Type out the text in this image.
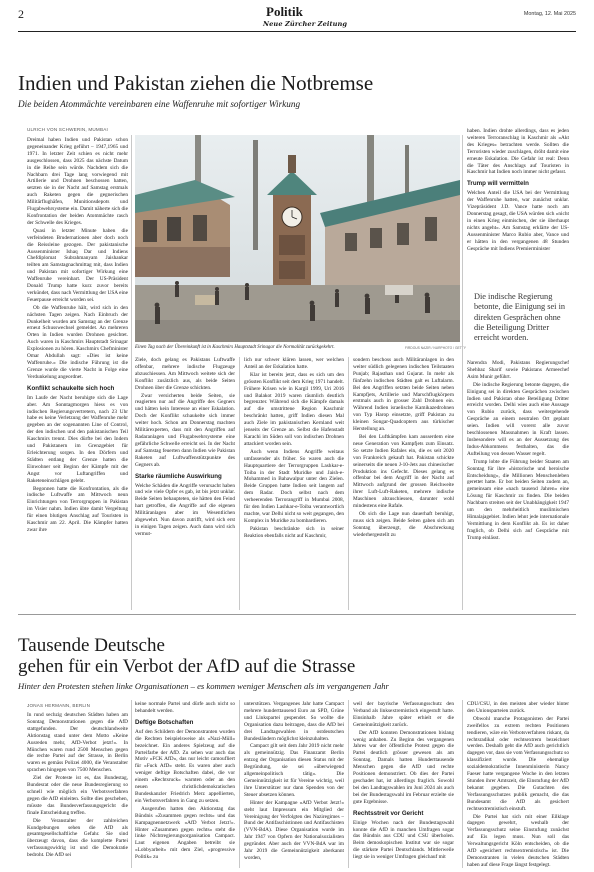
2	Politik
Neue Zürcher Zeitung
Montag, 12. Mai 2025
Indien und Pakistan ziehen die Notbremse
Die beiden Atommächte vereinbaren eine Waffenruhe mit sofortiger Wirkung
ULRICH VON SCHWERIN, MUMBAI

Dreimal haben Indien und Pakistan schon gegeneinander Krieg geführt – 1947,1965 und 1971. In letzter Zeit schien es nicht mehr ausgeschlossen, dass 2025 das nächste Datum in die Reihe sein würde. Nachdem sich die Nachbarn drei Tage lang vorwiegend mit Artillerie und Drohnen beschossen hatten, setzten sie in der Nacht auf Samstag erstmals auch Raketen gegen die gegnerischen Militärflughäfen, Munitionsdepots und Flugabwehrsysteme ein. Damit näherte sich die Konfrontation der beiden Atommächte rasch der Schwelle des Krieges.

Quasi in letzter Minute haben die verfeindeten Brudernationen aber doch noch die Reissleine gezogen. Der pakistanische Aussenminister Ishaq Dar und Indiens Chefdiplomat Subrahmanyam Jaishankar teilten am Samstagnachmittag mit, dass Indien und Pakistan mit sofortiger Wirkung eine Waffenruhe vereinbart. Der US-Präsident Donald Trump hatte kurz zuvor bereits verkündet, dass nach Vermittlung der USA eine Feuerpause erreicht worden sei.

Ob die Waffenruhe hält, wird sich in den nächsten Tagen zeigen. Nach Einbruch der Dunkelheit wurden am Samstag an der Grenze erneut Schusswechsel gemeldet. An mehreren Orten in Indien wurden Drohnen gesichtet. Auch waren in Kaschmirs Hauptstadt Srinagar Explosionen zu hören. Kaschmirs Chefminister Omar Abdullah sagt: «Dies ist keine Waffenruhe.» Die indische Führung ist die Grenze wurde die vierte Nacht in Folge eine Verdunkelung angeordnet.

Konflikt schaukelte sich hoch

Im Laufe der Nacht beruhigte sich die Lage aber. Am Sonntagmorgen hiess es von indischen Regierungsvertretern, nach 23 Uhr habe es keine Verletzung der Waffenruhe mehr gegeben an der sogenannten Line of Control, der den indischen und den pakistanischen Teil Kaschmirs trennt. Dies dürfte bei den Indern und Pakistanern im Grenzgebiet für Erleichterung sorgen. In den Dörfern und Städten entlang der Grenze hatten die Einwohner seit Beginn der Kämpfe mit der Angst vor Luftangriffen und Raketeneinschlägen gelebt.

Begonnen hatte die Konfrontation, als die indische Luftwaffe am Mittwoch neun Einrichtungen von Terrorgruppen in Pakistan im Visier nahm. Indien übte damit Vergeltung für einen blutigen Anschlag auf Touristen in Kaschmir am 22. April. Die Kämpfer hatten zwar ihre

Einen Tag nach der Übereinkunft ist in Kaschmirs Hauptstadt Srinagar die Normalität zurückgekehrt.	FIRDOUS NAZIR / NURPHOTO / GETTY

Ziele, doch gelang es Pakistans Luftwaffe offenbar, mehrere indische Flugzeuge abzuschiessen. Am Mittwoch weitete sich der Konflikt zusätzlich aus, als beide Seiten Drohnen über die Grenze schickten.

Zwar versicherten beide Seiten, sie reagierten nur auf die Angriffe des Gegners und hätten kein Interesse an einer Eskalation. Doch der Konflikt schaukelte sich immer weiter hoch. Schon am Donnerstag machten Militärexperten, dass mit den Angriffen auf Radaranlagen und Flugabwehrsysteme eine gefährliche Schwelle erreicht sei. In der Nacht auf Samstag feuerten dann Indien wie Pakistan Raketen auf Luftwaffenstützpunkte des Gegners ab.

Starke räumliche Auswirkung

Welche Schäden die Angriffe verursacht haben und wie viele Opfer es gab, ist bis jetzt unklar. Beide Seiten behaupteten, sie hätten den Feind hart getroffen, die Angriffe auf die eigenen Militäranlagen aber im Wesentlichen abgewehrt. Nun davon zutrifft, wird sich erst in einigen Tagen zeigen. Auch dann wird sich vermut-

lich nur schwer klären lassen, wer welchen Anteil an der Eskalation hatte.

Klar ist bereits jetzt, dass es sich um den grössten Konflikt seit dem Krieg 1971 handelt. Frühere Krisen wie in Kargil 1999, Uri 2016 und Balakot 2019 waren räumlich deutlich begrenzter. Während sich die Kämpfe damals auf die umstrittene Region Kaschmir beschränkt hatten, griff Indien diesen Mal auch Ziele im pakistanischen Kernland weit jenseits der Grenze an. Selbst die Hafenstadt Karachi im Süden soll von indischen Drohnen attackiert worden sein.

Auch wenn Indiens Angriffe weitaus umfassender als früher. So waren auch die Hauptquartiere der Terrorgruppen Lashkar-e-Toiba in der Stadt Muridke und Jaish-e-Mohammed in Bahawalpur unter den Zielen. Beide Gruppen hatte Indien seit langem auf dem Radar. Doch selbst nach dem verheerenden Terrorangriff in Mumbai 2008, für den Indien Lashkar-e-Toiba verantwortlich machte, war Delhi nicht so weit gegangen, den Komplex in Muridke zu bombardieren.

Pakistan beschränkte sich in seiner Reaktion ebenfalls nicht auf Kaschmir,

sondern beschoss auch Militäranlagen in den weiter südlich gelegenen indischen Teilstaaten Punjab; Rajasthan und Gujarat. In mehr als fünfzehn indischen Städten galt es Luftalarm. Bei den Angriffen setzten beide Seiten neben Kampfjets, Artillerie und Marschflugkörpern erstmals auch in grosser Zahl Drohnen ein. Während Indien israelische Kamikazedrohnen von Typ Harop einsetzte, griff Pakistan zu kleinen Songar-Quadcoptern aus türkischer Herstellung an.

Bei den Luftkämpfen kam ausserdem eine neue Generation von Kampfjets zum Einsatz. So setzte Indien Rafales ein, die es seit 2020 von Frankreich gekauft hat. Pakistan schickte seinerseits die neuen J-10-Jets aus chinesischer Produktion ins Gefecht. Dieses gelang es offenbar bei dem Angriff in der Nacht auf Mittwoch aufgrund der grossen Reichweite ihrer Luft-Luft-Raketen, mehrere indische Maschinen abzuschiessen, darunter wohl mindestens eine Rafale.

Ob sich die Lage nun dauerhaft beruhigt, muss sich zeigen. Beide Seiten gaben sich am Sonntag überzeugt, die Abschreckung wiederhergestellt zu

haben. Indien drohte allerdings, dass es jeden weiteren Terroranschlag in Kaschmir als «Akt des Krieges» betrachten werde. Sollten die Terroristen wieder zuschlagen, dröht damit eine erneute Eskalation. Die Gefahr ist real: Denn die Täter des Anschlags auf Touristen in Kaschmir hat Indien noch immer nicht gefasst.

Trump will vermitteln

Welchen Anteil die USA bei der Vermittlung der Waffenruhe hatten, war zunächst unklar. Vizepräsident J.D. Vance hatte noch am Donnerstag gesagt, die USA würden sich «nicht in einen Krieg einmischen, der sie überhaupt nichts angeht». Am Samstag erklärte der US-Aussenminister Marco Rubio aber, Vance und er hätten in den vergangenen 48 Stunden Gespräche mit Indiens Premierminister

Die indische Regierung betonte, die Einigung sei in direkten Gesprächen ohne die Beteiligung Dritter erreicht worden.

Narendra Modi, Pakistans Regierungschef Shehbaz Sharif sowie Pakistans Armeechef Asim Munir geführt.

Die indische Regierung betonte dagegen, die Einigung sei in direkten Gesprächen zwischen Indien und Pakistan ohne Beteiligung Dritter erreicht worden. Delhi wies auch eine Aussage von Rubio zurück, dass weitergehende Gespräche an einem neutralen Ort geplant seien. Indien will vorerst alle zuvor beschlossenen Massnahmen in Kraft lassen. Insbesondere will es an der Aussetzung des Indus-Abkommens festhalten, das die Aufteilung von dessen Wasser regelt.

Trump lobte die Führung beider Staaten am Sonntag für ihre «historische und heroische Entscheidung», die Millionen Menschenleben gerettet hatte. Er bot beiden Seiten zudem an, gemeinsam eine «nach tausend Jahren» eine Lösung für Kaschmir zu finden. Die beiden Nachbarn streiten seit der Unabhängigkeit 1947 um den mehrheitlich muslimischen Himalajagebiet. Indien lehnt jede internationale Vermittlung in dem Konflikt ab. Es ist daher fraglich, ob Delhi sich auf Gespräche mit Trump einlässt.

Tausende Deutsche
gehen für ein Verbot der AfD auf die Strasse
Hinter den Protesten stehen linke Organisationen – es kommen weniger Menschen als im vergangenen Jahr
JONAS HERMANN, BERLIN

In rund sechzig deutschen Städten haben am Sonntag Demonstrationen gegen die AfD stattgefunden. Der deutschlandweite Aktionstag stand unter dem Motto «Keine Ausreden mehr, AfD-Verbot jetzt!». In München waren rund 2500 Menschen gegen die rechte Partei auf der Strasse, in Berlin waren es gemäss Polizei 4000, die Veranstalter sprachen hingegen von 7500 Menschen.

Ziel der Proteste ist es, das Bundestag, Bundesrat oder die neue Bundesregierung so schnell wie möglich ein Verbotsverfahren gegen die AfD einleiten. Sollte dies geschehen, müsste das Bundesverfassungsgericht die finale Entscheidung treffen.

Die Veranstalter der zahlreichen Kundgebungen sehen die AfD als gesamtgesellschaftliche Gefahr. Sie sind überzeugt davon, dass die komplette Partei verfassungswidrig ist und die Demokratie bedroht. Die AfD sei

keine normale Partei und dürfe auch nicht so behandelt werden.

Deftige Botschaften

Auf den Schildern der Demonstranten wurden die Rechten beispielsweise als «Nazi-Müll» bezeichnet. Ein anderes Spielzeug auf die Parteifarbe der AfD. Zu sehen war auch das Motiv «FCK AfD», das nur leicht camoufliert für «Fuck AfD» steht. Es waren aber auch weniger deftige Botschaften dabei, die vor einem «Rechtsruck» warnten oder an den neuen christlichdemokratischen Bundeskanzler Friedrich Merz appellierten, ein Verbotsverfahren in Gang zu setzen.

Ausgerufen hatten den Aktionstag das Bündnis «Zusammen gegen rechts» und das Kampagnennetzwerk «AfD Verbot Jetzt!». Hinter «Zusammen gegen rechts» steht die linke Nichtregierungsorganisation Campact. Laut eigenen Angaben betreibt sie «Lobbyarbeit» mit dem Ziel, «progressive Politik» zu

unterstützen. Vergangenes Jahr hatte Campact mehrere hunderttausend Euro an SPD, Grüne und Linkspartei gespendet. So wollte die Organisation dazu beitragen, dass die AfD bei drei Landtagswahlen in ostdeutschen Bundesländern möglichst kleinzuhalten.

Campact gilt seit dem Jahr 2019 nicht mehr als gemeinnützig. Das Finanzamt Berlin entzog der Organisation diesen Status mit der Begründung, sie sei «überwiegend allgemeinpolitisch tätig». Die Gemeinnützigkeit ist für Vereine wichtig, weil ihre Unterstützer nur dann Spenden von der Steuer absetzen können.

Hinter der Kampagne «AfD Verbot Jetzt!» steht laut Impressum ein Mitglied der Vereinigung der Verfolgten des Naziregimes – Bund der Antifaschistinnen und Antifaschisten (VVN-BdA). Diese Organisation wurde im Jahr 1947 von Opfern der Nationalsozialisten gegründet. Aber auch der VVN-BdA war im Jahr 2019 die Gemeinnützigkeit aberkannt worden,

weil der bayrische Verfassungsschutz den Verband als linksextremistisch eingestuft hatte. Einsinhalb Jahre später erhielt er die Gemeinnützigkeit zurück.

Der AfD konnten Demonstrationen bislang wenig anhaben. Zu Beginn des vergangenen Jahres war der öffentliche Protest gegen die Partei deutlich grösser gewesen als am Sonntag. Damals hatten Hunderttausende Menschen gegen die AfD und rechte Positionen demonstriert. Ob dies der Partei geschadet hat, ist allerdings fraglich. Sowohl bei den Landtagswahlen im Juni 2024 als auch bei der Bundestagswahl im Februar erzielte sie gute Ergebnisse.

Rechtsstreit vor Gericht

Einige Wochen nach der Bundestagswahl konnte die AfD in manchen Umfragen sogar das Bündnis aus CDU und CSU überholen. Beim demoskopischen Institut war sie sogar die stärkste Partei Deutschlands. Mittlerweile liegt sie in weniger Umfragen gleichauf mit

CDU/CSU, in den meisten aber wieder hinter den Unionsparteien zurück.

Obwohl manche Protagonisten der Partei zweifellos zu extrem rechten Positionen tendieren, wäre ein Verbotsverfahren riskant, da rechtsradikal oder rechtsextrem bezeichnet werden. Deshalb geht die AfD auch gerichtlich dagegen vor, dass sie vom Verfassungsschutz so klassifiziert wurde. Die ehemalige sozialdemokratische Innenministerin Nancy Faeser hatte vergangene Woche in den letzten Stunden ihrer Amtszeit, die Einstufung der AfD bekannt gegeben. Die Gutachten des Verfassungsschutzes publik gemacht, die das Bundesamt die AfD als gesichert rechtsextremistisch einstuft.

Die Partei hat sich mit einer Eilklage dagegen gewehrt, weshalb der Verfassungsschutz seine Einstufung zunächst auf Eis legen muss. Nun soll das Verwaltungsgericht Köln entscheiden, ob die AfD «gesichert rechtsextremistisch» ist. Die Demonstranten in vielen deutschen Städten haben auf diese Frage längst festgelegt.
